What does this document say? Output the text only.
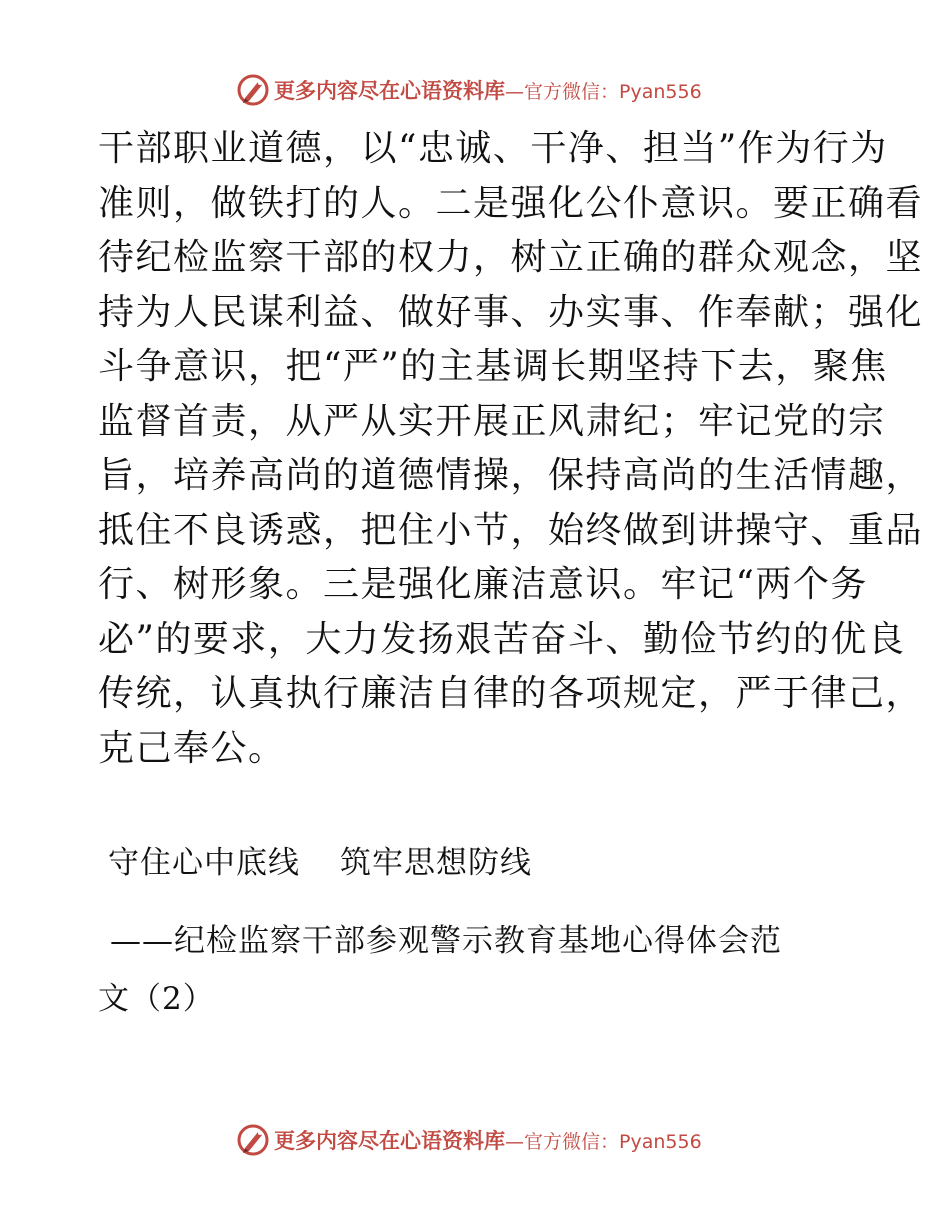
更多内容尽在心语资料库 —官方微信：Pyan556
干部职业道德，以“忠诚、干净、担当”作为行为
准则，做铁打的人。二是强化公仆意识。要正确看
待纪检监察干部的权力，树立正确的群众观念，坚
持为人民谋利益、做好事、办实事、作奉献；强化
斗争意识，把“严”的主基调长期坚持下去，聚焦
监督首责，从严从实开展正风肃纪；牢记党的宗
旨，培养高尚的道德情操，保持高尚的生活情趣，
抵住不良诱惑，把住小节，始终做到讲操守、重品
行、树形象。三是强化廉洁意识。牢记“两个务
必”的要求，大力发扬艰苦奋斗、勤俭节约的优良
传统，认真执行廉洁自律的各项规定，严于律己，
克己奉公。
守住心中底线 筑牢思想防线
——纪检监察干部参观警示教育基地心得体会范
文（2）
更多内容尽在心语资料库 —官方微信：Pyan556
